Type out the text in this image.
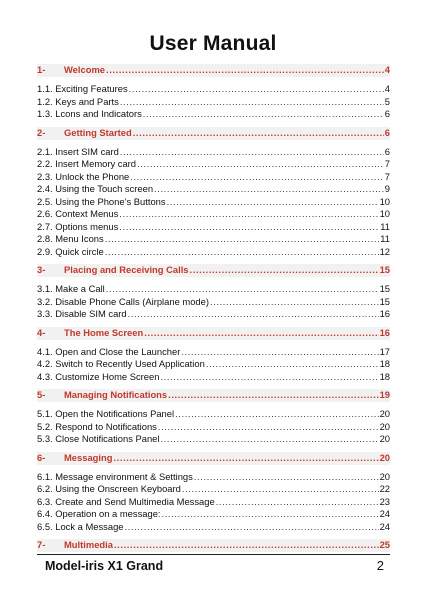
User Manual
1-	Welcome .....	4
1.1. Exciting Features .....	4
1.2. Keys and Parts .....	5
1.3. Lcons and Indicators .....	6
2-	Getting Started .....	6
2.1. Insert SIM card .....	6
2.2. Insert Memory card .....	7
2.3. Unlock the Phone .....	7
2.4. Using the Touch screen .....	9
2.5. Using the Phone’s Buttons .....	10
2.6. Context Menus .....	10
2.7. Options menus .....	11
2.8. Menu Icons .....	11
2.9. Quick circle .....	12
3-	Placing and Receiving Calls .....	15
3.1. Make a Call .....	15
3.2. Disable Phone Calls (Airplane mode) .....	15
3.3. Disable SIM card .....	16
4-	The Home Screen .....	16
4.1. Open and Close the Launcher .....	17
4.2. Switch to Recently Used Application .....	18
4.3. Customize Home Screen .....	18
5-	Managing Notifications .....	19
5.1. Open the Notifications Panel .....	20
5.2. Respond to Notifications .....	20
5.3. Close Notifications Panel .....	20
6-	Messaging .....	20
6.1. Message environment & Settings .....	20
6.2. Using the Onscreen Keyboard .....	22
6.3. Create and Send Multimedia Message .....	23
6.4. Operation on a message: .....	24
6.5. Lock a Message .....	24
7-	Multimedia .....	25
Model-iris X1 Grand	2
